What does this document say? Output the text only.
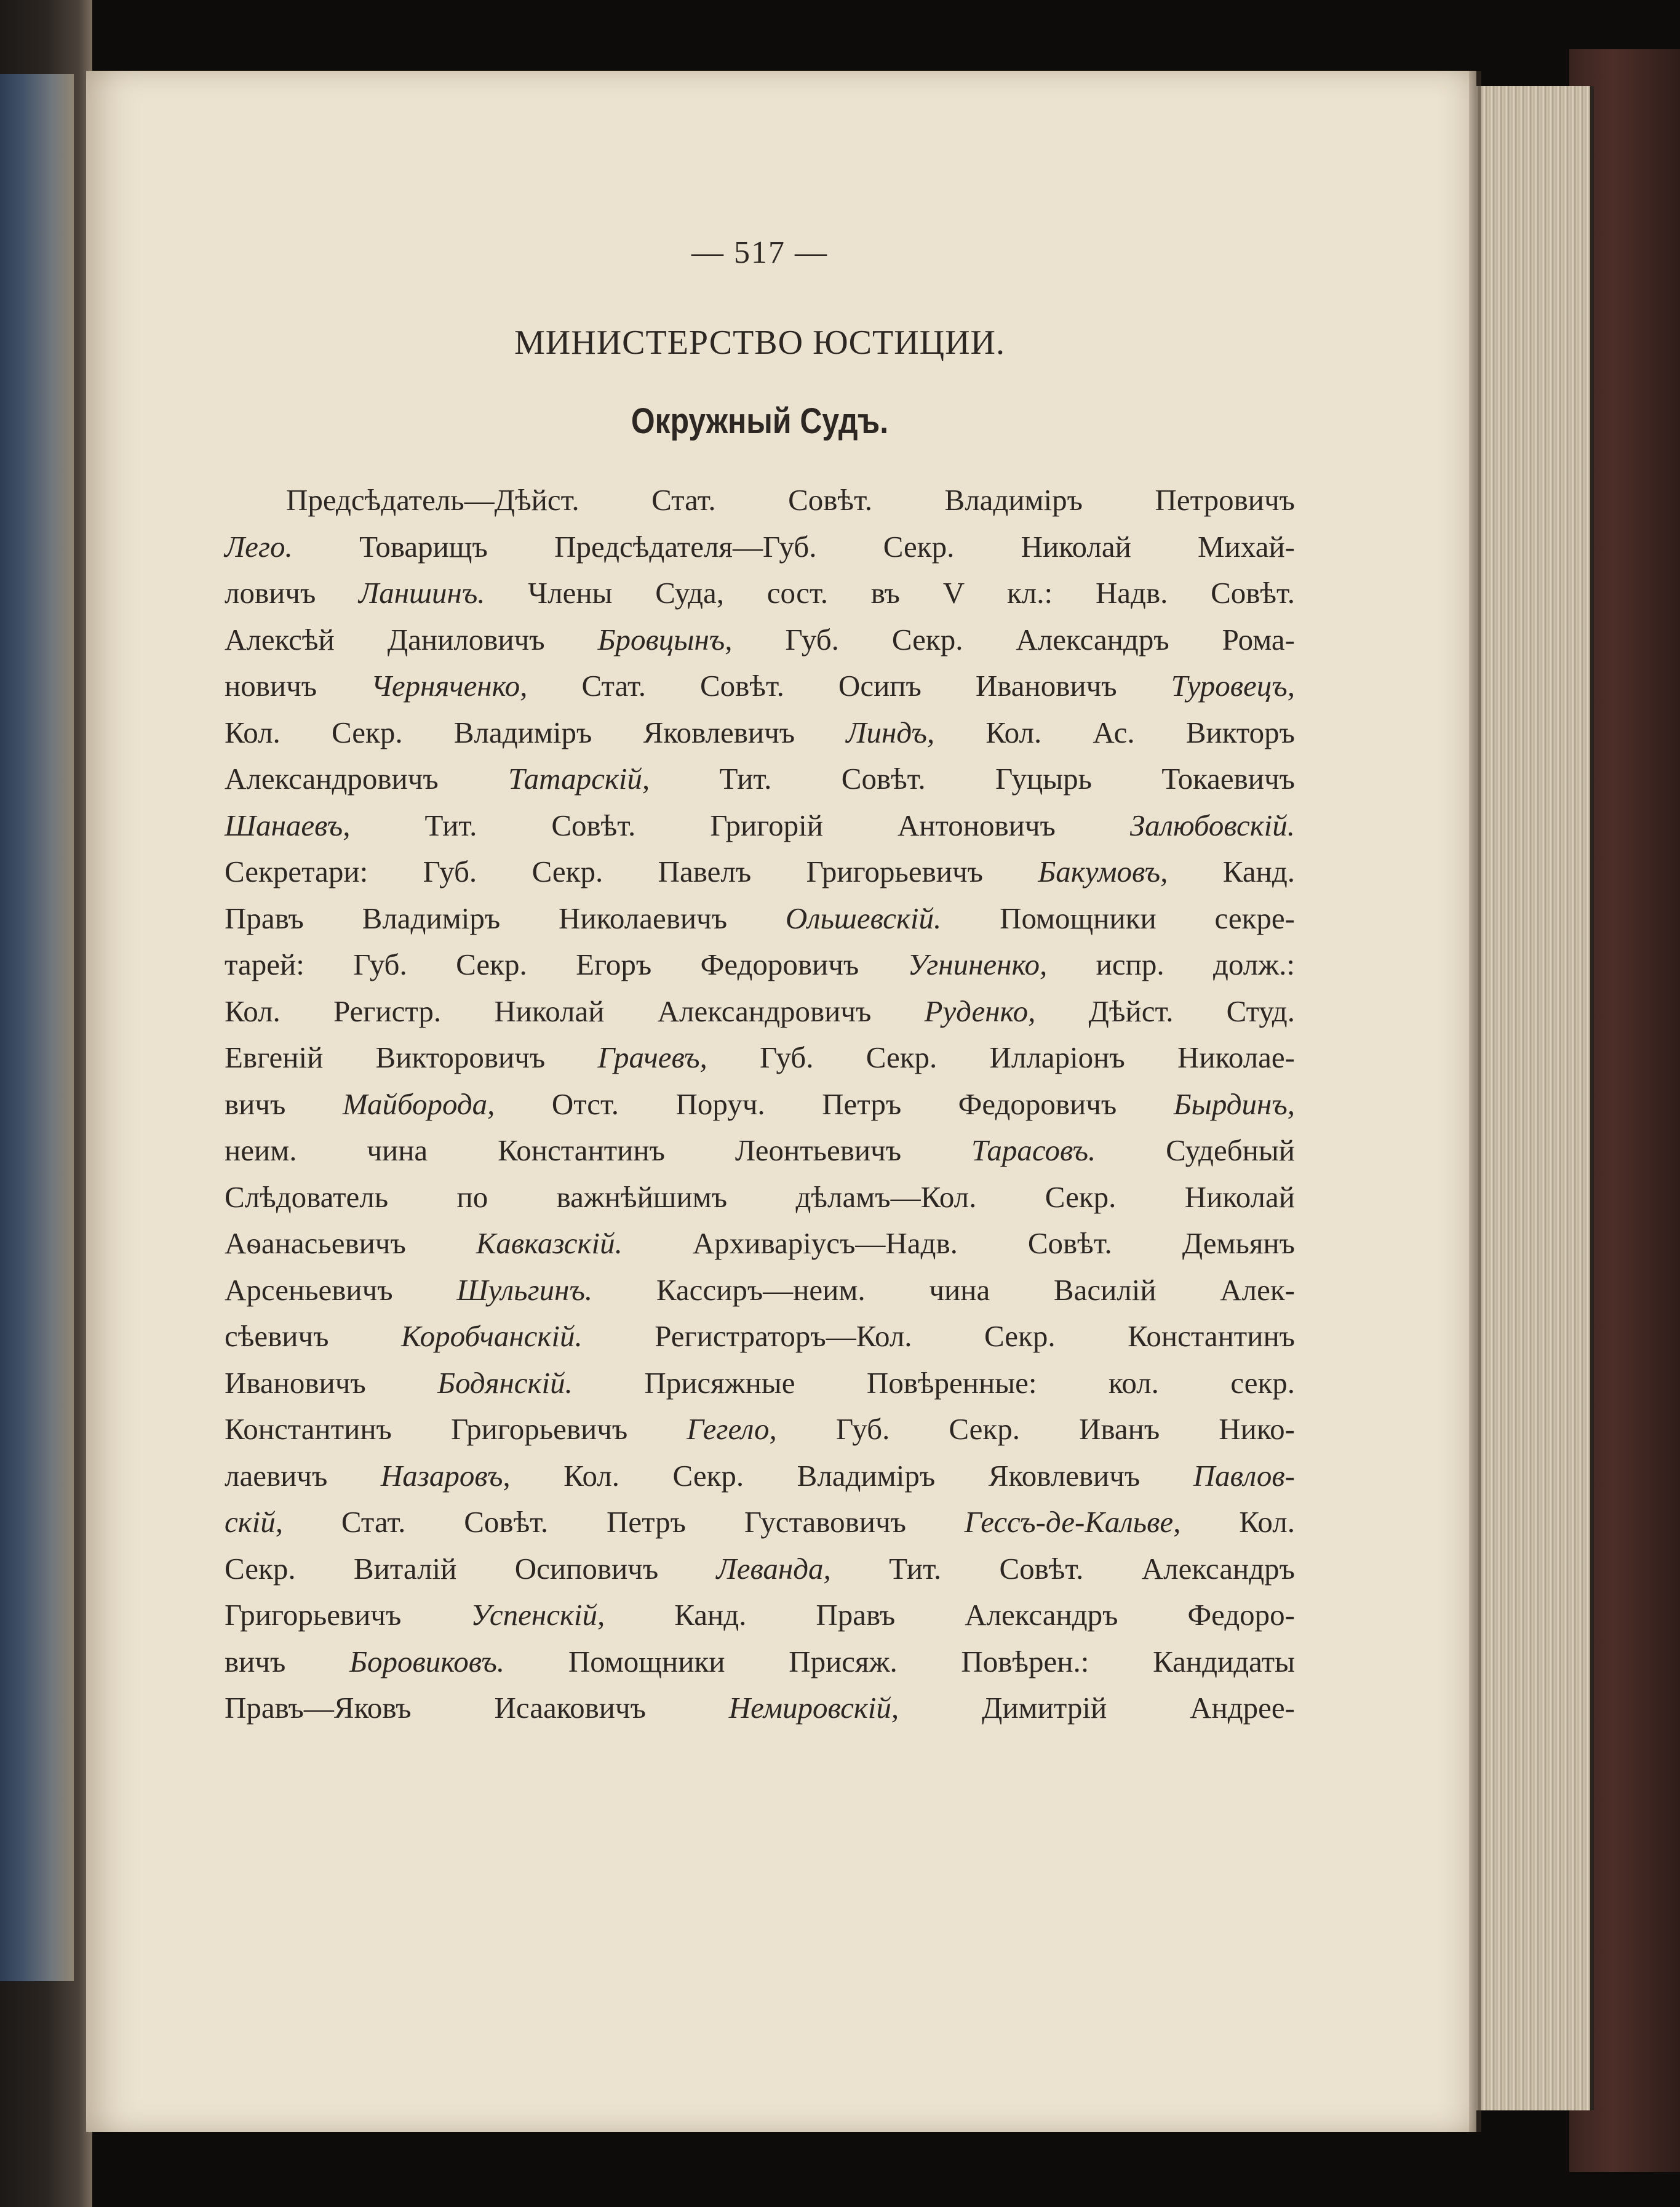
— 517 —
МИНИСТЕРСТВО ЮСТИЦИИ.
Окружный Судъ.
Предсѣдатель—Дѣйст. Стат. Совѣт. Владиміръ Петровичъ
Лего. Товарищъ Предсѣдателя—Губ. Секр. Николай Михай-
ловичъ Ланшинъ. Члены Суда, сост. въ V кл.: Надв. Совѣт.
Алексѣй Даниловичъ Бровцынъ, Губ. Секр. Александръ Рома-
новичъ Черняченко, Стат. Совѣт. Осипъ Ивановичъ Туровецъ,
Кол. Секр. Владиміръ Яковлевичъ Линдъ, Кол. Ас. Викторъ
Александровичъ Татарскій, Тит. Совѣт. Гуцырь Токаевичъ
Шанаевъ, Тит. Совѣт. Григорій Антоновичъ Залюбовскій.
Секретари: Губ. Секр. Павелъ Григорьевичъ Бакумовъ, Канд.
Правъ Владиміръ Николаевичъ Ольшевскій. Помощники секре-
тарей: Губ. Секр. Егоръ Федоровичъ Угниненко, испр. долж.:
Кол. Регистр. Николай Александровичъ Руденко, Дѣйст. Студ.
Евгеній Викторовичъ Грачевъ, Губ. Секр. Илларіонъ Николае-
вичъ Майборода, Отст. Поруч. Петръ Федоровичъ Бырдинъ,
неим. чина Константинъ Леонтьевичъ Тарасовъ. Судебный
Слѣдователь по важнѣйшимъ дѣламъ—Кол. Секр. Николай
Аѳанасьевичъ Кавказскій. Архиваріусъ—Надв. Совѣт. Демьянъ
Арсеньевичъ Шульгинъ. Кассиръ—неим. чина Василій Алек-
сѣевичъ Коробчанскій. Регистраторъ—Кол. Секр. Константинъ
Ивановичъ Бодянскій. Присяжные Повѣренные: кол. секр.
Константинъ Григорьевичъ Гегело, Губ. Секр. Иванъ Нико-
лаевичъ Назаровъ, Кол. Секр. Владиміръ Яковлевичъ Павлов-
скій, Стат. Совѣт. Петръ Густавовичъ Гессъ-де-Кальве, Кол.
Секр. Виталій Осиповичъ Леванда, Тит. Совѣт. Александръ
Григорьевичъ Успенскій, Канд. Правъ Александръ Федоро-
вичъ Боровиковъ. Помощники Присяж. Повѣрен.: Кандидаты
Правъ—Яковъ Исааковичъ Немировскій, Димитрій Андрее-
